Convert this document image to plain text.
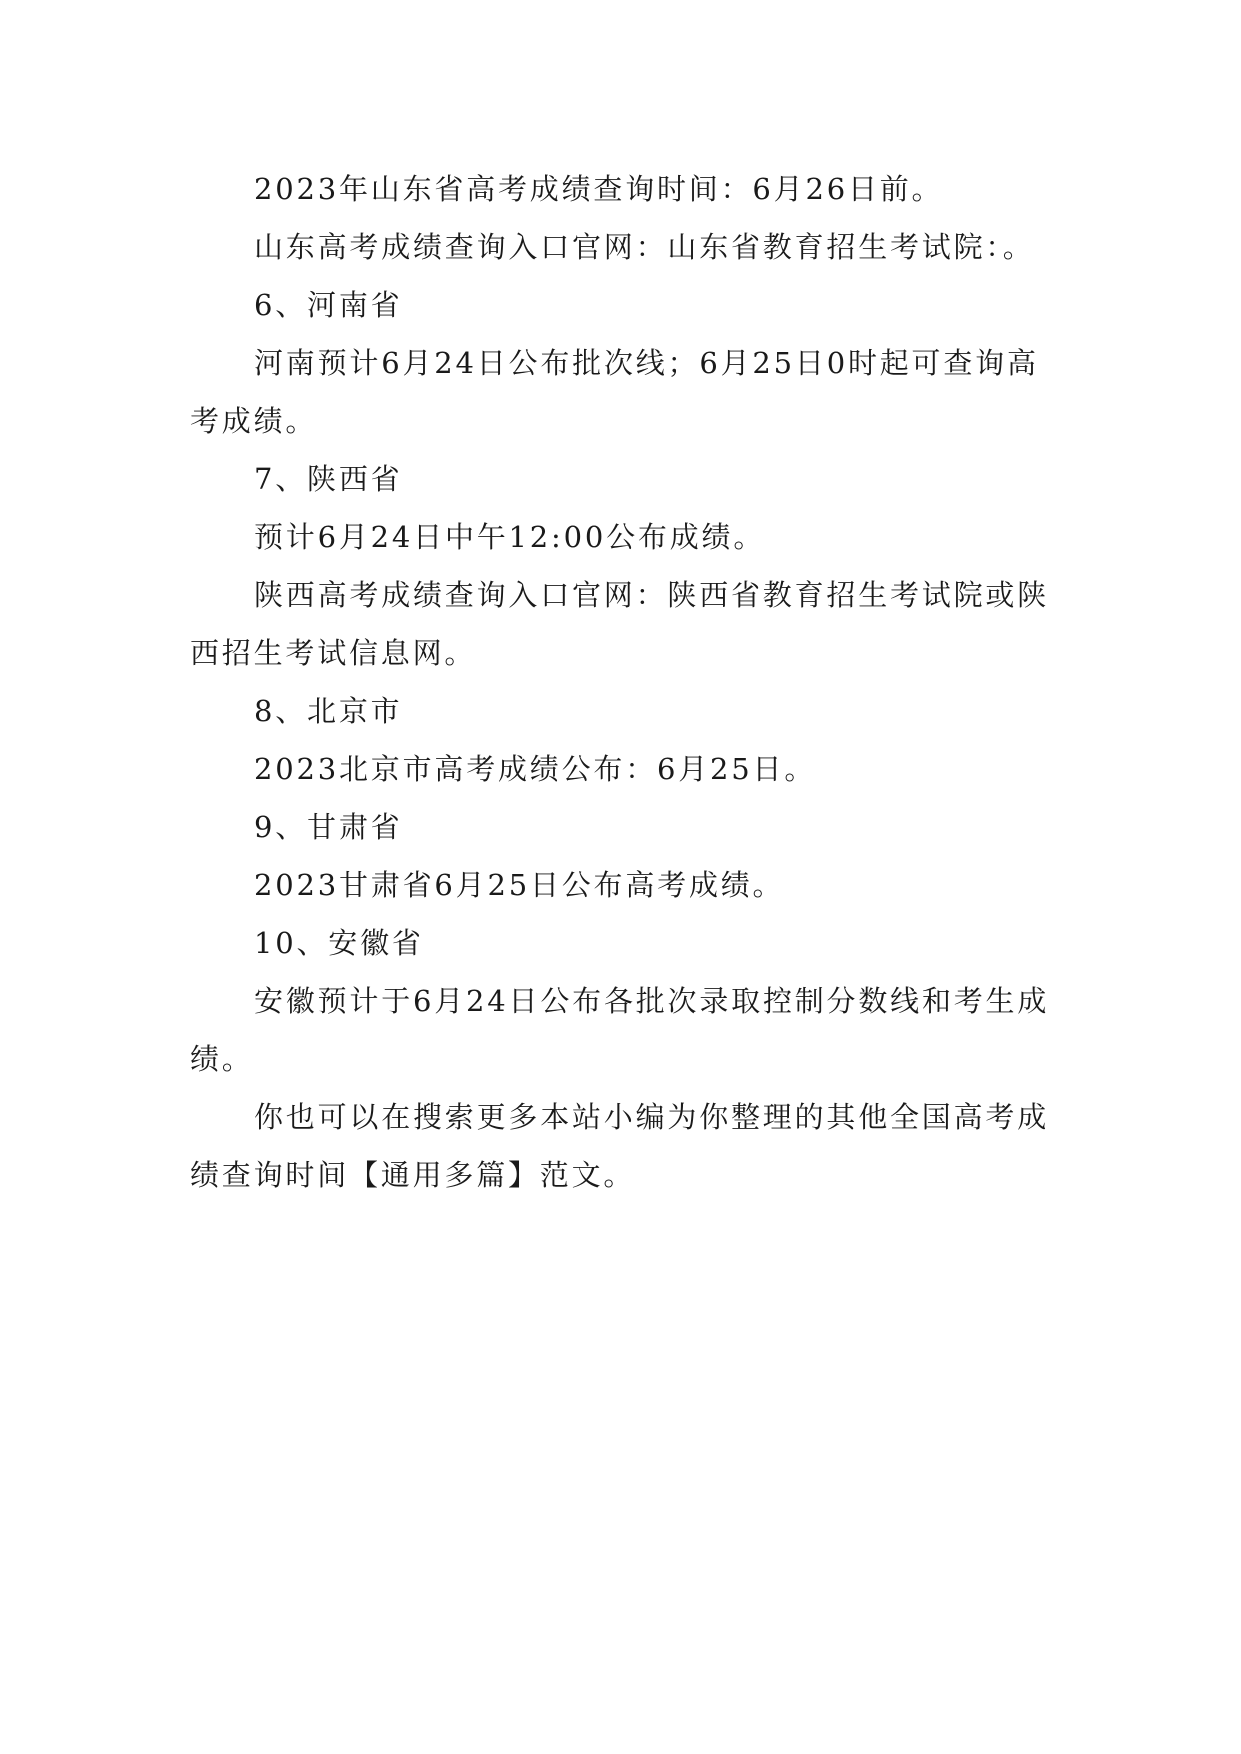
2023年山东省高考成绩查询时间：6月26日前。

山东高考成绩查询入口官网：山东省教育招生考试院：。

6、河南省

河南预计6月24日公布批次线；6月25日0时起可查询高考成绩。

7、陕西省

预计6月24日中午12:00公布成绩。

陕西高考成绩查询入口官网：陕西省教育招生考试院或陕西招生考试信息网。

8、北京市

2023北京市高考成绩公布：6月25日。

9、甘肃省

2023甘肃省6月25日公布高考成绩。

10、安徽省

安徽预计于6月24日公布各批次录取控制分数线和考生成绩。

你也可以在搜索更多本站小编为你整理的其他全国高考成绩查询时间【通用多篇】范文。
